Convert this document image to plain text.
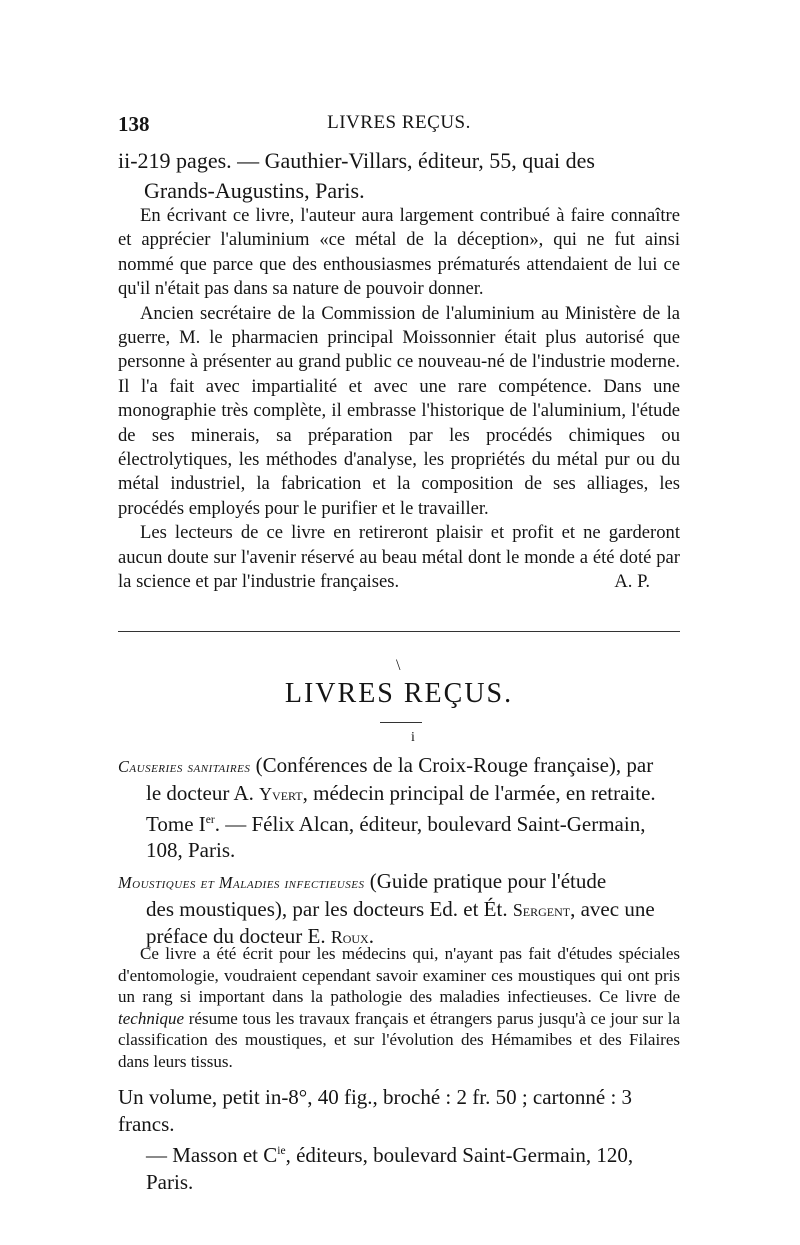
138	LIVRES REÇUS.
ii-219 pages. — Gauthier-Villars, éditeur, 55, quai des
Grands-Augustins, Paris.

En écrivant ce livre, l'auteur aura largement contribué à faire connaître et apprécier l'aluminium «ce métal de la déception», qui ne fut ainsi nommé que parce que des enthousiasmes prématurés attendaient de lui ce qu'il n'était pas dans sa nature de pouvoir donner.

Ancien secrétaire de la Commission de l'aluminium au Ministère de la guerre, M. le pharmacien principal Moissonnier était plus autorisé que personne à présenter au grand public ce nouveau-né de l'industrie moderne. Il l'a fait avec impartialité et avec une rare compétence. Dans une monographie très complète, il embrasse l'historique de l'aluminium, l'étude de ses minerais, sa préparation par les procédés chimiques ou électrolytiques, les méthodes d'analyse, les propriétés du métal pur ou du métal industriel, la fabrication et la composition de ses alliages, les procédés employés pour le purifier et le travailler.

Les lecteurs de ce livre en retireront plaisir et profit et ne garderont aucun doute sur l'avenir réservé au beau métal dont le monde a été doté par la science et par l'industrie françaises.	A. P.

\
LIVRES REÇUS.
i
Causeries sanitaires (Conférences de la Croix-Rouge française), par
le docteur A. Yvert, médecin principal de l'armée, en retraite. Tome Ier. — Félix Alcan, éditeur, boulevard Saint-Germain, 108, Paris.
Moustiques et Maladies infectieuses (Guide pratique pour l'étude
des moustiques), par les docteurs Ed. et Ét. Sergent, avec une préface du docteur E. Roux.

Ce livre a été écrit pour les médecins qui, n'ayant pas fait d'études spéciales d'entomologie, voudraient cependant savoir examiner ces moustiques qui ont pris un rang si important dans la pathologie des maladies infectieuses. Ce livre de technique résume tous les travaux français et étrangers parus jusqu'à ce jour sur la classification des moustiques, et sur l'évolution des Hémamibes et des Filaires dans leurs tissus.

Un volume, petit in-8°, 40 fig., broché : 2 fr. 50 ; cartonné : 3 francs.
— Masson et $C^{ie}$, éditeurs, boulevard Saint-Germain, 120, Paris.
